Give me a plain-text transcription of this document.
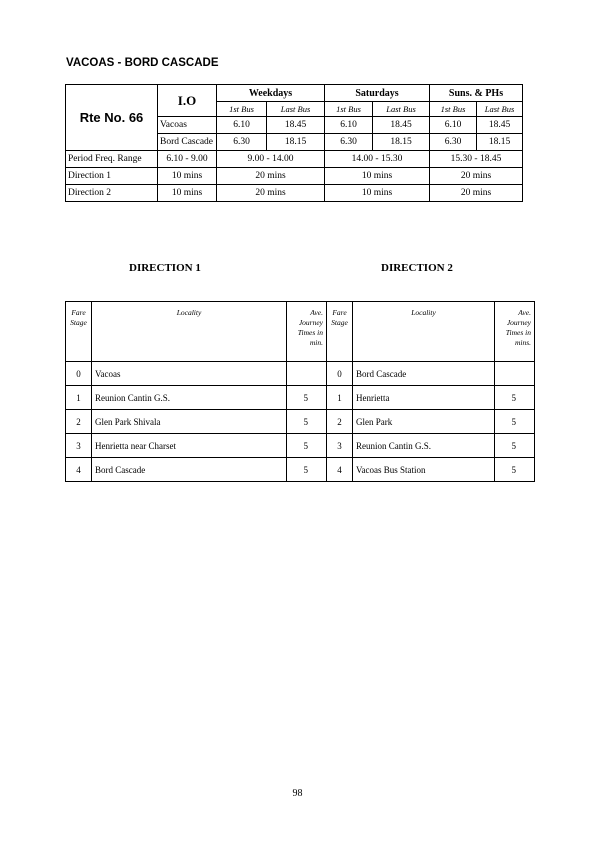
VACOAS - BORD CASCADE
Rte No. 66	I.O	Weekdays		Saturdays		Suns. & PHs	
		1st Bus	Last Bus	1st Bus	Last Bus	1st Bus	Last Bus
	Vacoas	6.10	18.45	6.10	18.45	6.10	18.45
	Bord Cascade	6.30	18.15	6.30	18.15	6.30	18.15
Period Freq. Range	6.10 - 9.00	9.00 - 14.00		14.00 - 15.30		15.30 - 18.45	
Direction 1	10 mins	20 mins		10 mins		20 mins	
Direction 2	10 mins	20 mins		10 mins		20 mins	
DIRECTION 1	DIRECTION 2
Fare Stage	Locality	Ave. Journey Times in min.	Fare Stage	Locality	Ave. Journey Times in mins.
0	Vacoas		0	Bord Cascade	
1	Reunion Cantin G.S.	5	1	Henrietta	5
2	Glen Park Shivala	5	2	Glen Park	5
3	Henrietta near Charset	5	3	Reunion Cantin G.S.	5
4	Bord Cascade	5	4	Vacoas Bus Station	5
98
